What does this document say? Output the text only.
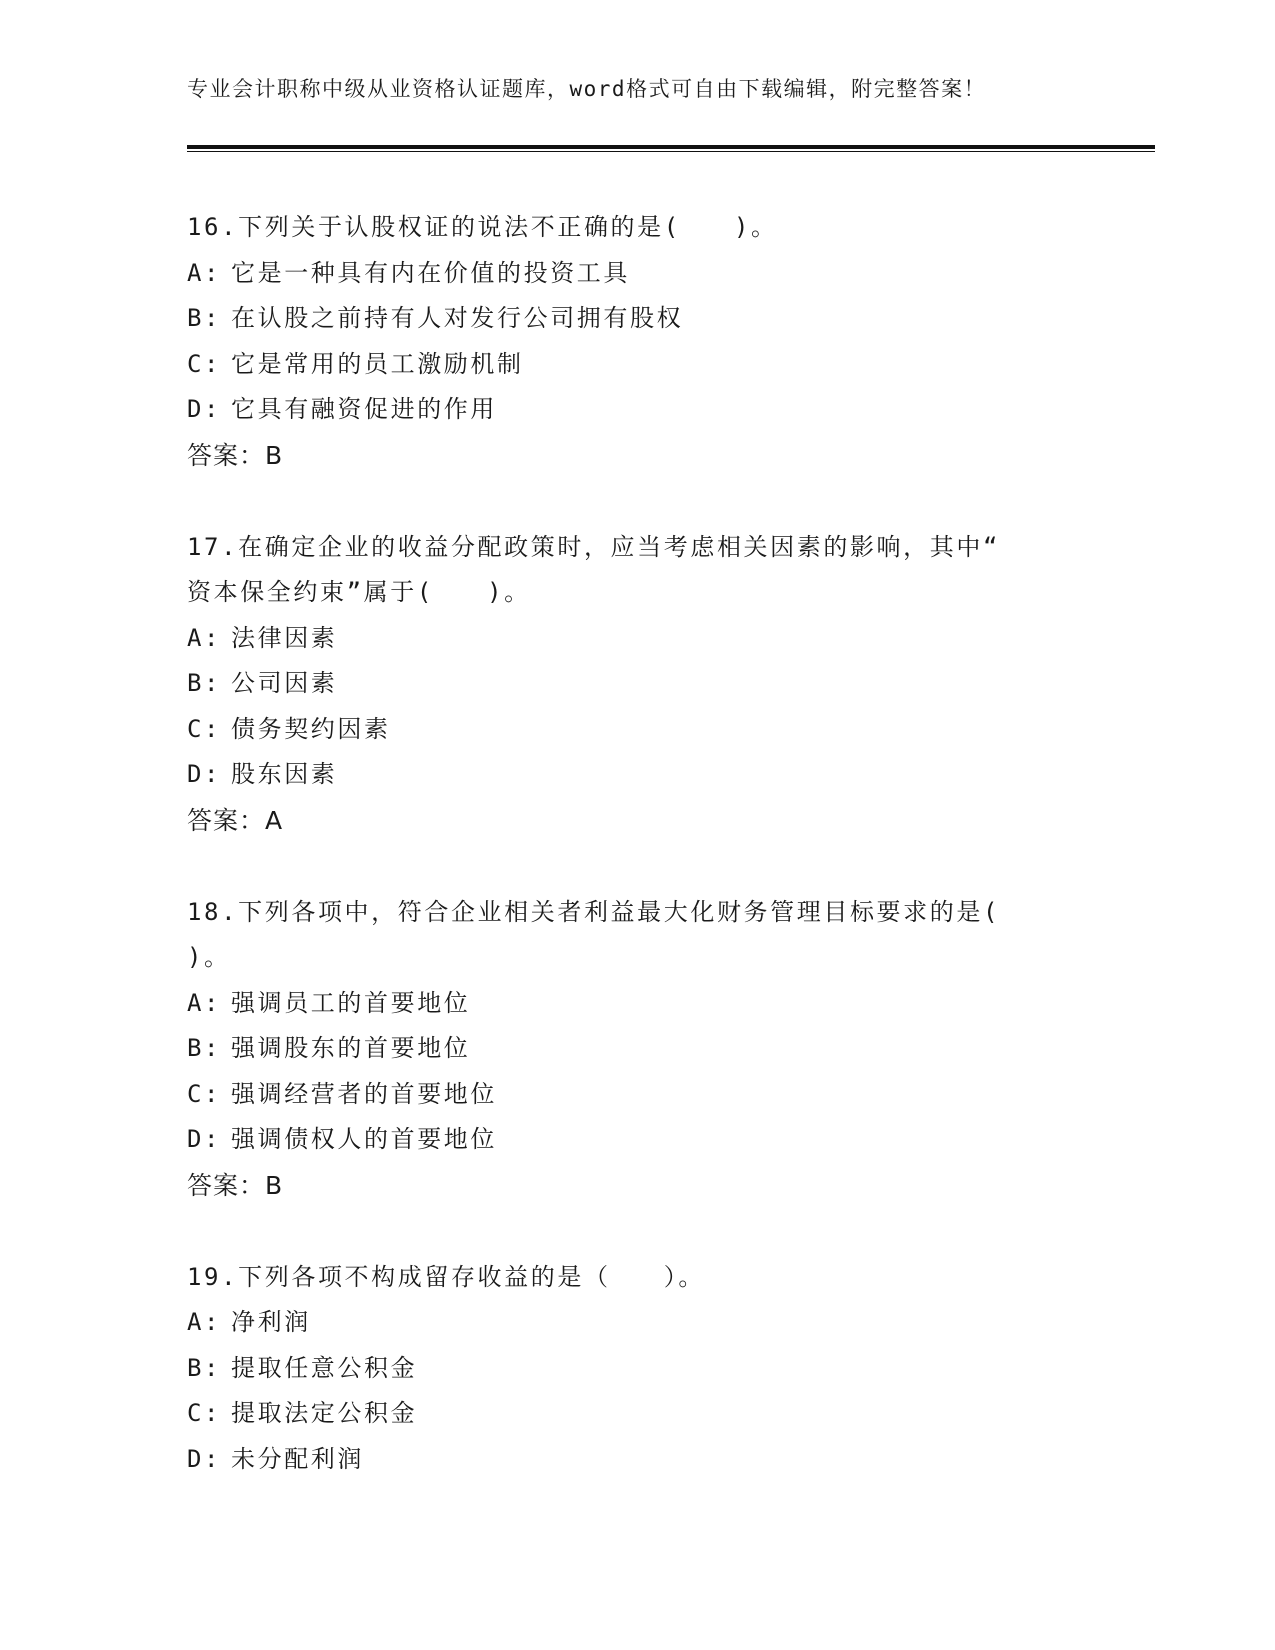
专业会计职称中级从业资格认证题库，word格式可自由下载编辑，附完整答案！
16.下列关于认股权证的说法不正确的是(　　)。
A: 它是一种具有内在价值的投资工具
B: 在认股之前持有人对发行公司拥有股权
C: 它是常用的员工激励机制
D: 它具有融资促进的作用
答案：B
17.在确定企业的收益分配政策时，应当考虑相关因素的影响，其中“
资本保全约束”属于(　　)。
A: 法律因素
B: 公司因素
C: 债务契约因素
D: 股东因素
答案：A
18.下列各项中，符合企业相关者利益最大化财务管理目标要求的是(
)。
A: 强调员工的首要地位
B: 强调股东的首要地位
C: 强调经营者的首要地位
D: 强调债权人的首要地位
答案：B
19.下列各项不构成留存收益的是（　　）。
A: 净利润
B: 提取任意公积金
C: 提取法定公积金
D: 未分配利润
